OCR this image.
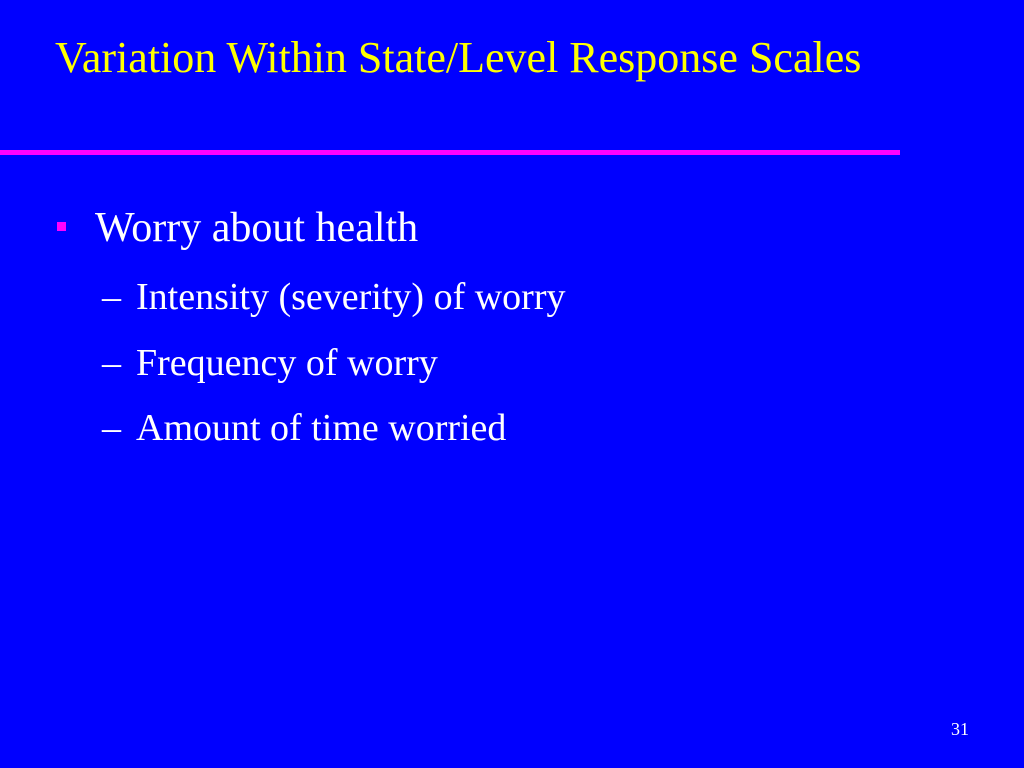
Variation Within State/Level Response Scales
Worry about health
– Intensity (severity) of worry
– Frequency of worry
– Amount of time worried
31
